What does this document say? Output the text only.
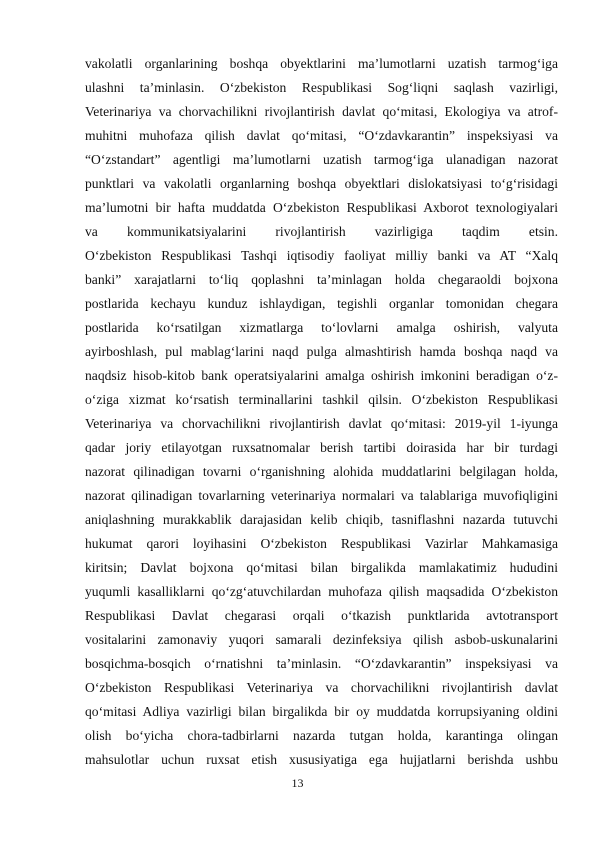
vakolatli organlarining boshqa obyektlarini ma’lumotlarni uzatish tarmog‘iga
ulashni ta’minlasin. O‘zbekiston Respublikasi Sog‘liqni saqlash vazirligi,
Veterinariya va chorvachilikni rivojlantirish davlat qo‘mitasi, Ekologiya va atrof-
muhitni muhofaza qilish davlat qo‘mitasi, “O‘zdavkarantin” inspeksiyasi va
“O‘zstandart” agentligi ma’lumotlarni uzatish tarmog‘iga ulanadigan nazorat
punktlari va vakolatli organlarning boshqa obyektlari dislokatsiyasi to‘g‘risidagi
ma’lumotni bir hafta muddatda O‘zbekiston Respublikasi Axborot texnologiyalari
va kommunikatsiyalarini rivojlantirish vazirligiga taqdim etsin.
O‘zbekiston Respublikasi Tashqi iqtisodiy faoliyat milliy banki va AT “Xalq
banki” xarajatlarni to‘liq qoplashni ta’minlagan holda chegaraoldi bojxona
postlarida kechayu kunduz ishlaydigan, tegishli organlar tomonidan chegara
postlarida ko‘rsatilgan xizmatlarga to‘lovlarni amalga oshirish, valyuta
ayirboshlash, pul mablag‘larini naqd pulga almashtirish hamda boshqa naqd va
naqdsiz hisob-kitob bank operatsiyalarini amalga oshirish imkonini beradigan o‘z-
o‘ziga xizmat ko‘rsatish terminallarini tashkil qilsin. O‘zbekiston Respublikasi
Veterinariya va chorvachilikni rivojlantirish davlat qo‘mitasi: 2019-yil 1-iyunga
qadar joriy etilayotgan ruxsatnomalar berish tartibi doirasida har bir turdagi
nazorat qilinadigan tovarni o‘rganishning alohida muddatlarini belgilagan holda,
nazorat qilinadigan tovarlarning veterinariya normalari va talablariga muvofiqligini
aniqlashning murakkablik darajasidan kelib chiqib, tasniflashni nazarda tutuvchi
hukumat qarori loyihasini O‘zbekiston Respublikasi Vazirlar Mahkamasiga
kiritsin; Davlat bojxona qo‘mitasi bilan birgalikda mamlakatimiz hududini
yuqumli kasalliklarni qo‘zg‘atuvchilardan muhofaza qilish maqsadida O‘zbekiston
Respublikasi Davlat chegarasi orqali o‘tkazish punktlarida avtotransport
vositalarini zamonaviy yuqori samarali dezinfeksiya qilish asbob-uskunalarini
bosqichma-bosqich o‘rnatishni ta’minlasin. “O‘zdavkarantin” inspeksiyasi va
O‘zbekiston Respublikasi Veterinariya va chorvachilikni rivojlantirish davlat
qo‘mitasi Adliya vazirligi bilan birgalikda bir oy muddatda korrupsiyaning oldini
olish bo‘yicha chora-tadbirlarni nazarda tutgan holda, karantinga olingan
mahsulotlar uchun ruxsat etish xususiyatiga ega hujjatlarni berishda ushbu
13
